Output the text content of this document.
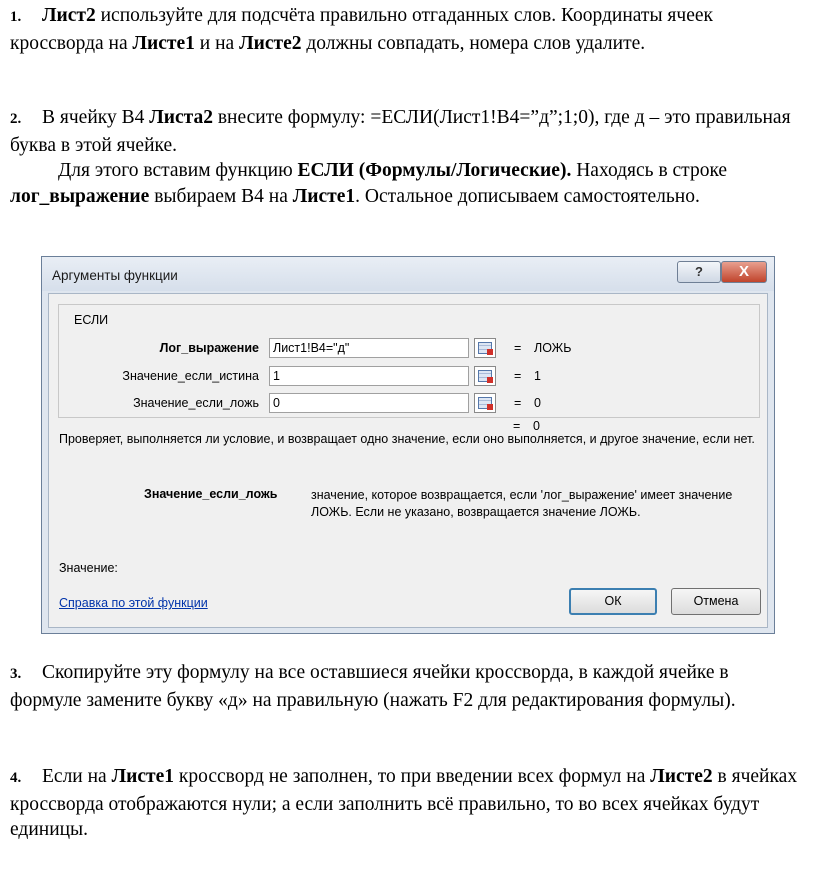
1. Лист2 используйте для подсчёта правильно отгаданных слов. Координаты ячеек кроссворда на Листе1 и на Листе2 должны совпадать, номера слов удалите.
2. В ячейку B4 Листа2 внесите формулу: =ЕСЛИ(Лист1!B4=”д”;1;0), где д – это правильная буква в этой ячейке.
Для этого вставим функцию ЕСЛИ (Формулы/Логические). Находясь в строке лог_выражение выбираем B4 на Листе1. Остальное дописываем самостоятельно.
Аргументы функции	?	X
ЕСЛИ
Лог_выражение	Лист1!B4="д"	= ЛОЖЬ
Значение_если_истина	1	= 1
Значение_если_ложь	0	= 0
= 0
Проверяет, выполняется ли условие, и возвращает одно значение, если оно выполняется, и другое значение, если нет.
Значение_если_ложь	значение, которое возвращается, если 'лог_выражение' имеет значение ЛОЖЬ. Если не указано, возвращается значение ЛОЖЬ.
Значение:
Справка по этой функции	ОК	Отмена
3. Скопируйте эту формулу на все оставшиеся ячейки кроссворда, в каждой ячейке в формуле замените букву «д» на правильную (нажать F2 для редактирования формулы).
4. Если на Листе1 кроссворд не заполнен, то при введении всех формул на Листе2 в ячейках кроссворда отображаются нули; а если заполнить всё правильно, то во всех ячейках будут единицы.
